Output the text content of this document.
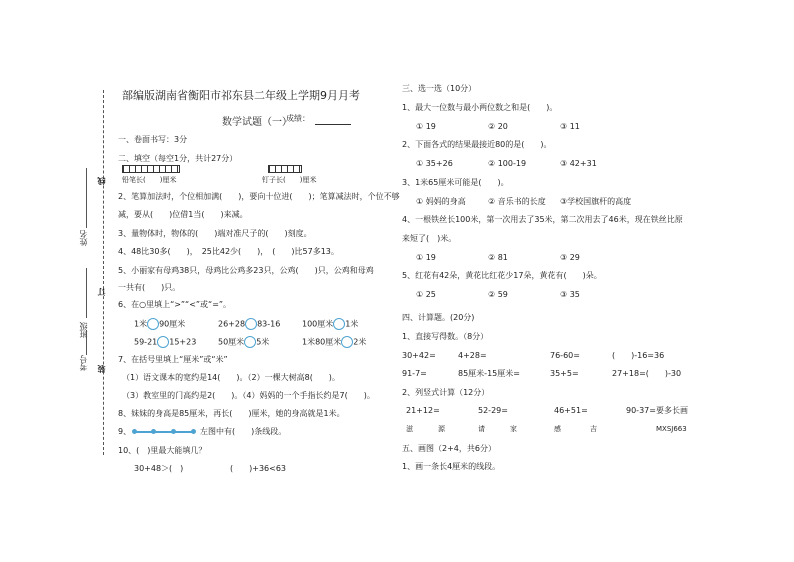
线
订
装
姓名
班级
考号
部编版湖南省衡阳市祁东县二年级上学期9月月考
数学试题（一）
成绩：
一、卷面书写：3分
二、填空（每空1分，共计27分）
铅笔长(　　)厘米	钉子长(　　)厘米
2、笔算加法时，个位相加满(　　)，要向十位进(　　)；笔算减法时，个位不够
减，要从(　　)位借1当(　　)来减。
3、量物体时，物体的(　　)端对准尺子的(　　)刻度。
4、48比30多(　　)，　25比42少(　　)，　(　　)比57多13。
5、小丽家有母鸡38只，母鸡比公鸡多23只，公鸡(　　)只，公鸡和母鸡
一共有(　　)只。
6、在○里填上“>”“<”或“=”。
1米 90厘米	26+28 83-16	100厘米 1米
59-21 15+23	50厘米 5米	1米80厘米 2米
7、在括号里填上“厘米”或“米”
（1）语文课本的宽约是14(　　)。（2）一棵大树高8(　　)。
（3）教室里的门高约是2(　　)。（4）妈妈的一个手指长约是7(　　)。
8、妹妹的身高是85厘米，再长(　　)厘米，她的身高就是1米。
9、	左图中有(　　)条线段。
10、(　)里最大能填几？
30+48＞(　)	(　　)+36<63
三、选一选（10分）
1、最大一位数与最小两位数之和是(　　)。
① 19	② 20	③ 11
2、下面各式的结果最接近80的是(　　)。
① 35+26	② 100-19	③ 42+31
3、1米65厘米可能是(　　)。
① 妈妈的身高	② 音乐书的长度 ③学校国旗杆的高度
4、一根铁丝长100米，第一次用去了35米，第二次用去了46米，现在铁丝比原
来短了(　)米。
① 19	② 81	③ 29
5、红花有42朵，黄花比红花少17朵，黄花有(　　)朵。
① 25	② 59	③ 35
四、计算题。(20分)
1、直接写得数。（8分）
30+42=	4+28=	76-60=	(　　)-16=36
91-7=	85厘米-15厘米=	35+5=	27+18=(　　)-30
2、列竖式计算（12分）
21+12=	52-29=	46+51=	90-37=要多长画
滋	源	请	家	感	吉	MXSJ663
五、画图（2+4，共6分）
1、画一条长4厘米的线段。
